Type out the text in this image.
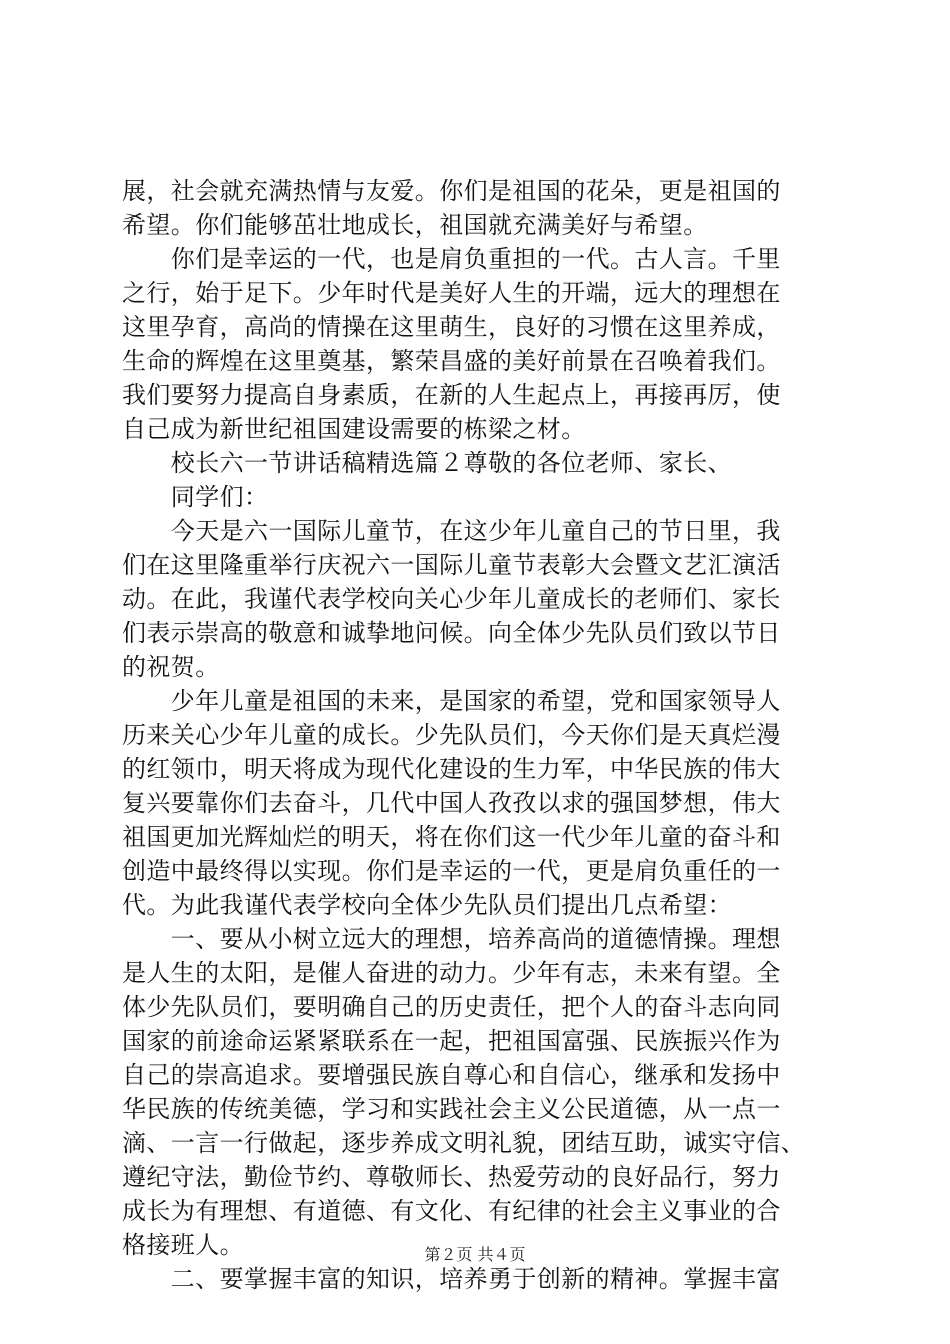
展，社会就充满热情与友爱。你们是祖国的花朵，更是祖国的
希望。你们能够茁壮地成长，祖国就充满美好与希望。
　　你们是幸运的一代，也是肩负重担的一代。古人言。千里
之行，始于足下。少年时代是美好人生的开端，远大的理想在
这里孕育，高尚的情操在这里萌生，良好的习惯在这里养成，
生命的辉煌在这里奠基，繁荣昌盛的美好前景在召唤着我们。
我们要努力提高自身素质，在新的人生起点上，再接再厉，使
自己成为新世纪祖国建设需要的栋梁之材。
　　校长六一节讲话稿精选篇２尊敬的各位老师、家长、
　　同学们：
　　今天是六一国际儿童节，在这少年儿童自己的节日里，我
们在这里隆重举行庆祝六一国际儿童节表彰大会暨文艺汇演活
动。在此，我谨代表学校向关心少年儿童成长的老师们、家长
们表示崇高的敬意和诚挚地问候。向全体少先队员们致以节日
的祝贺。
　　少年儿童是祖国的未来，是国家的希望，党和国家领导人
历来关心少年儿童的成长。少先队员们，今天你们是天真烂漫
的红领巾，明天将成为现代化建设的生力军，中华民族的伟大
复兴要靠你们去奋斗，几代中国人孜孜以求的强国梦想，伟大
祖国更加光辉灿烂的明天，将在你们这一代少年儿童的奋斗和
创造中最终得以实现。你们是幸运的一代，更是肩负重任的一
代。为此我谨代表学校向全体少先队员们提出几点希望：
　　一、要从小树立远大的理想，培养高尚的道德情操。理想
是人生的太阳，是催人奋进的动力。少年有志，未来有望。全
体少先队员们，要明确自己的历史责任，把个人的奋斗志向同
国家的前途命运紧紧联系在一起，把祖国富强、民族振兴作为
自己的崇高追求。要增强民族自尊心和自信心，继承和发扬中
华民族的传统美德，学习和实践社会主义公民道德，从一点一
滴、一言一行做起，逐步养成文明礼貌，团结互助，诚实守信、
遵纪守法，勤俭节约、尊敬师长、热爱劳动的良好品行，努力
成长为有理想、有道德、有文化、有纪律的社会主义事业的合
格接班人。
　　二、要掌握丰富的知识，培养勇于创新的精神。掌握丰富
第２页 共４页
